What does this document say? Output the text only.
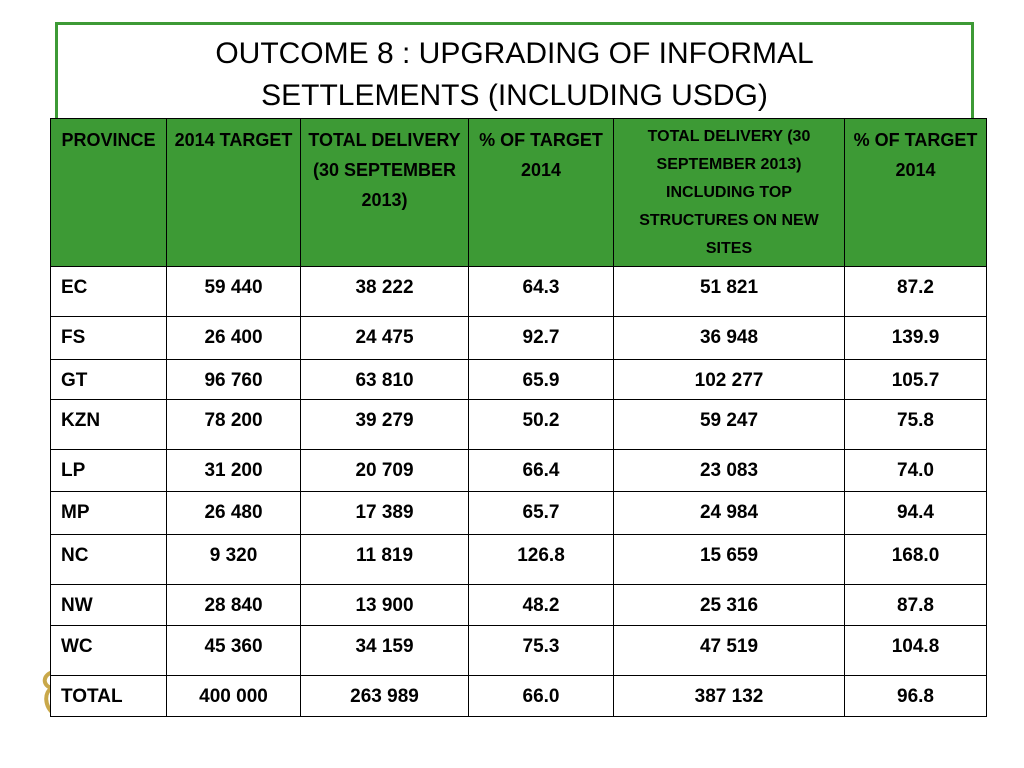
OUTCOME 8 : UPGRADING OF INFORMAL
SETTLEMENTS (INCLUDING USDG)
PROVINCE	2014 TARGET	TOTAL DELIVERY (30 SEPTEMBER 2013)	% OF TARGET 2014	TOTAL DELIVERY (30 SEPTEMBER 2013) INCLUDING TOP STRUCTURES ON NEW SITES	% OF TARGET 2014
EC	59 440	38 222	64.3	51 821	87.2
FS	26 400	24 475	92.7	36 948	139.9
GT	96 760	63 810	65.9	102 277	105.7
KZN	78 200	39 279	50.2	59 247	75.8
LP	31 200	20 709	66.4	23 083	74.0
MP	26 480	17 389	65.7	24 984	94.4
NC	9 320	11 819	126.8	15 659	168.0
NW	28 840	13 900	48.2	25 316	87.8
WC	45 360	34 159	75.3	47 519	104.8
TOTAL	400 000	263 989	66.0	387 132	96.8
